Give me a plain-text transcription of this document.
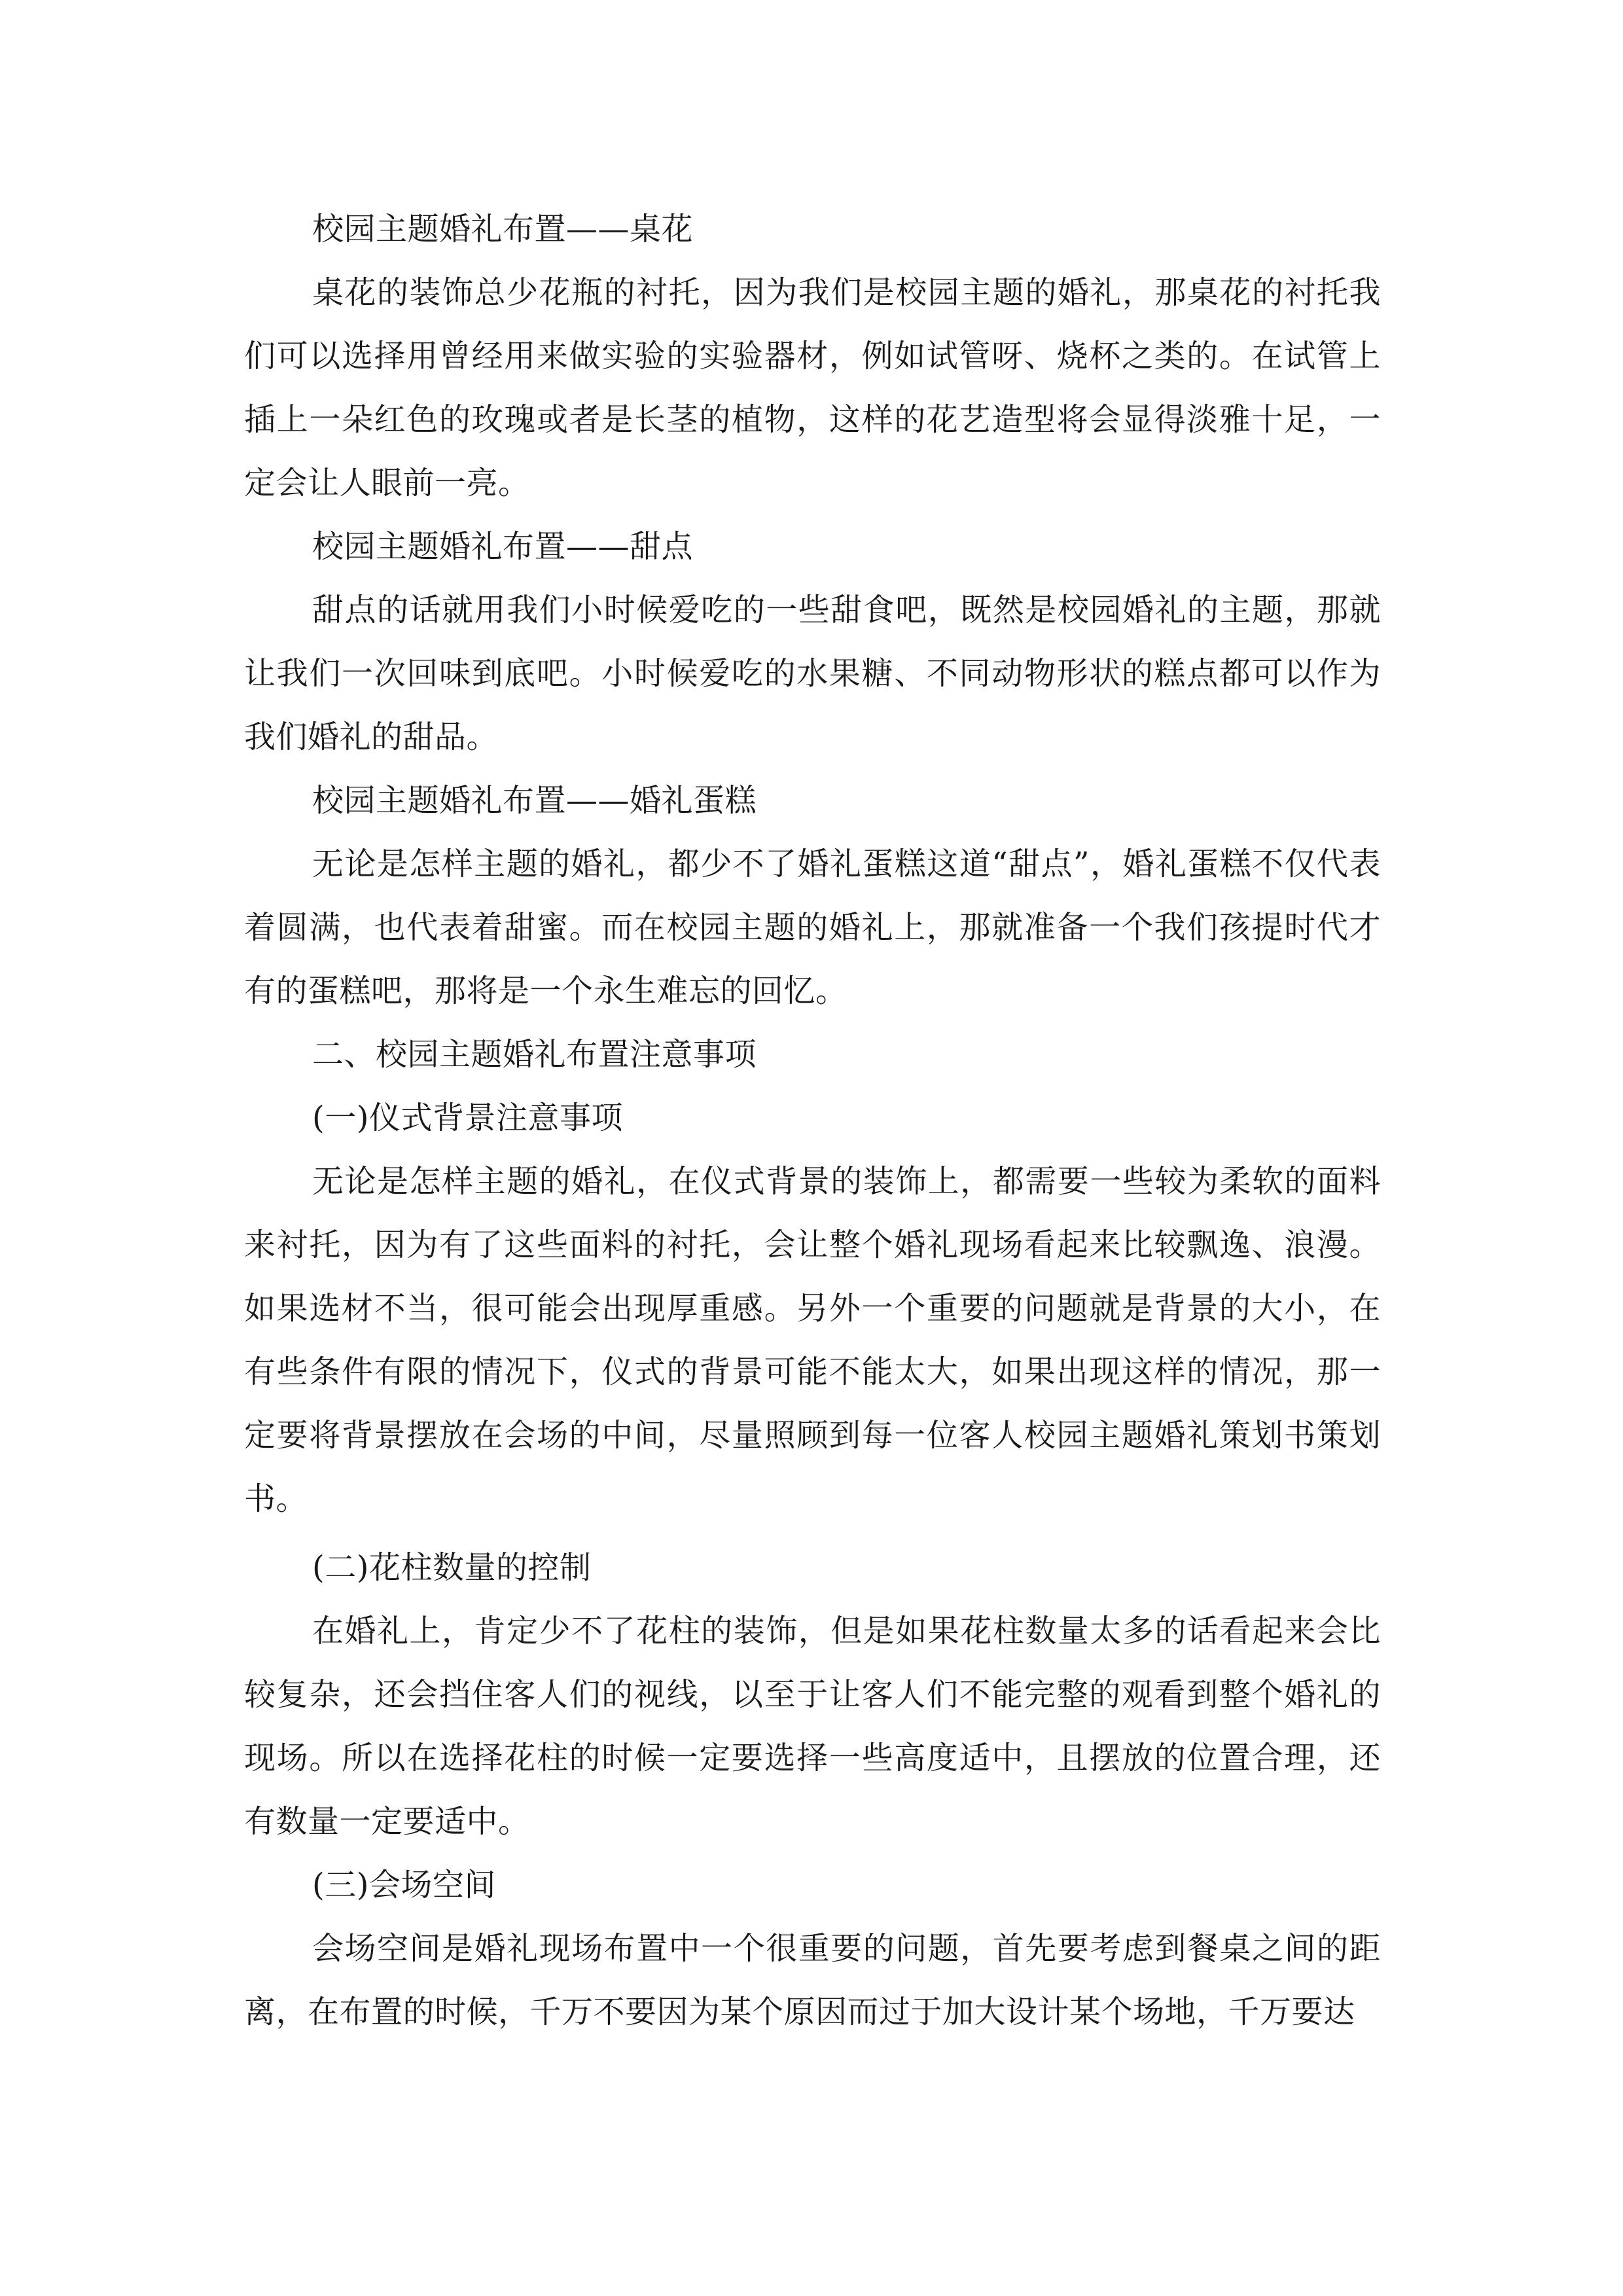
校园主题婚礼布置——桌花

桌花的装饰总少花瓶的衬托，因为我们是校园主题的婚礼，那桌花的衬托我们可以选择用曾经用来做实验的实验器材，例如试管呀、烧杯之类的。在试管上插上一朵红色的玫瑰或者是长茎的植物，这样的花艺造型将会显得淡雅十足，一定会让人眼前一亮。

校园主题婚礼布置——甜点

甜点的话就用我们小时候爱吃的一些甜食吧，既然是校园婚礼的主题，那就让我们一次回味到底吧。小时候爱吃的水果糖、不同动物形状的糕点都可以作为我们婚礼的甜品。

校园主题婚礼布置——婚礼蛋糕

无论是怎样主题的婚礼，都少不了婚礼蛋糕这道“甜点”，婚礼蛋糕不仅代表着圆满，也代表着甜蜜。而在校园主题的婚礼上，那就准备一个我们孩提时代才有的蛋糕吧，那将是一个永生难忘的回忆。

二、校园主题婚礼布置注意事项

(一)仪式背景注意事项

无论是怎样主题的婚礼，在仪式背景的装饰上，都需要一些较为柔软的面料来衬托，因为有了这些面料的衬托，会让整个婚礼现场看起来比较飘逸、浪漫。如果选材不当，很可能会出现厚重感。另外一个重要的问题就是背景的大小，在有些条件有限的情况下，仪式的背景可能不能太大，如果出现这样的情况，那一定要将背景摆放在会场的中间，尽量照顾到每一位客人校园主题婚礼策划书策划书。

(二)花柱数量的控制

在婚礼上，肯定少不了花柱的装饰，但是如果花柱数量太多的话看起来会比较复杂，还会挡住客人们的视线，以至于让客人们不能完整的观看到整个婚礼的现场。所以在选择花柱的时候一定要选择一些高度适中，且摆放的位置合理，还有数量一定要适中。

(三)会场空间

会场空间是婚礼现场布置中一个很重要的问题，首先要考虑到餐桌之间的距离，在布置的时候，千万不要因为某个原因而过于加大设计某个场地，千万要达
